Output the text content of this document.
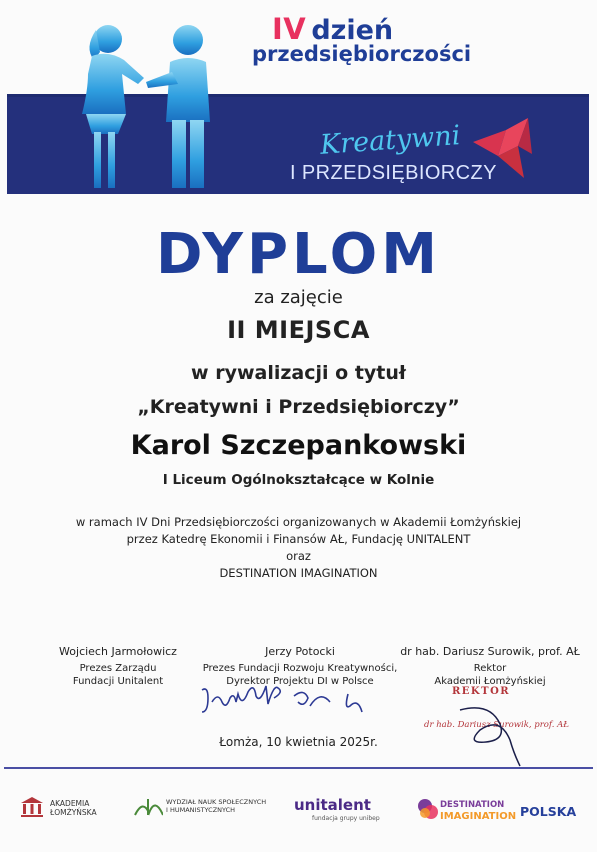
IV dzień
przedsiębiorczości
Kreatywni
I PRZEDSIĘBIORCZY
DYPLOM
za zajęcie
II MIEJSCA
w rywalizacji o tytuł
„Kreatywni i Przedsiębiorczy”
Karol Szczepankowski
I Liceum Ogólnokształcące w Kolnie
w ramach IV Dni Przedsiębiorczości organizowanych w Akademii Łomżyńskiej
przez Katedrę Ekonomii i Finansów AŁ, Fundację UNITALENT
oraz
DESTINATION IMAGINATION
Wojciech Jarmołowicz
Prezes Zarządu
Fundacji Unitalent
Jerzy Potocki
Prezes Fundacji Rozwoju Kreatywności,
Dyrektor Projektu DI w Polsce
dr hab. Dariusz Surowik, prof. AŁ
Rektor
Akademii Łomżyńskiej
REKTOR
dr hab. Dariusz Surowik, prof. AŁ
Łomża, 10 kwietnia 2025r.
AKADEMIA
ŁOMŻYŃSKA
WYDZIAŁ NAUK SPOŁECZNYCH
I HUMANISTYCZNYCH	unitalent
fundacja grupy unibep
DESTINATION
IMAGINATION POLSKA
